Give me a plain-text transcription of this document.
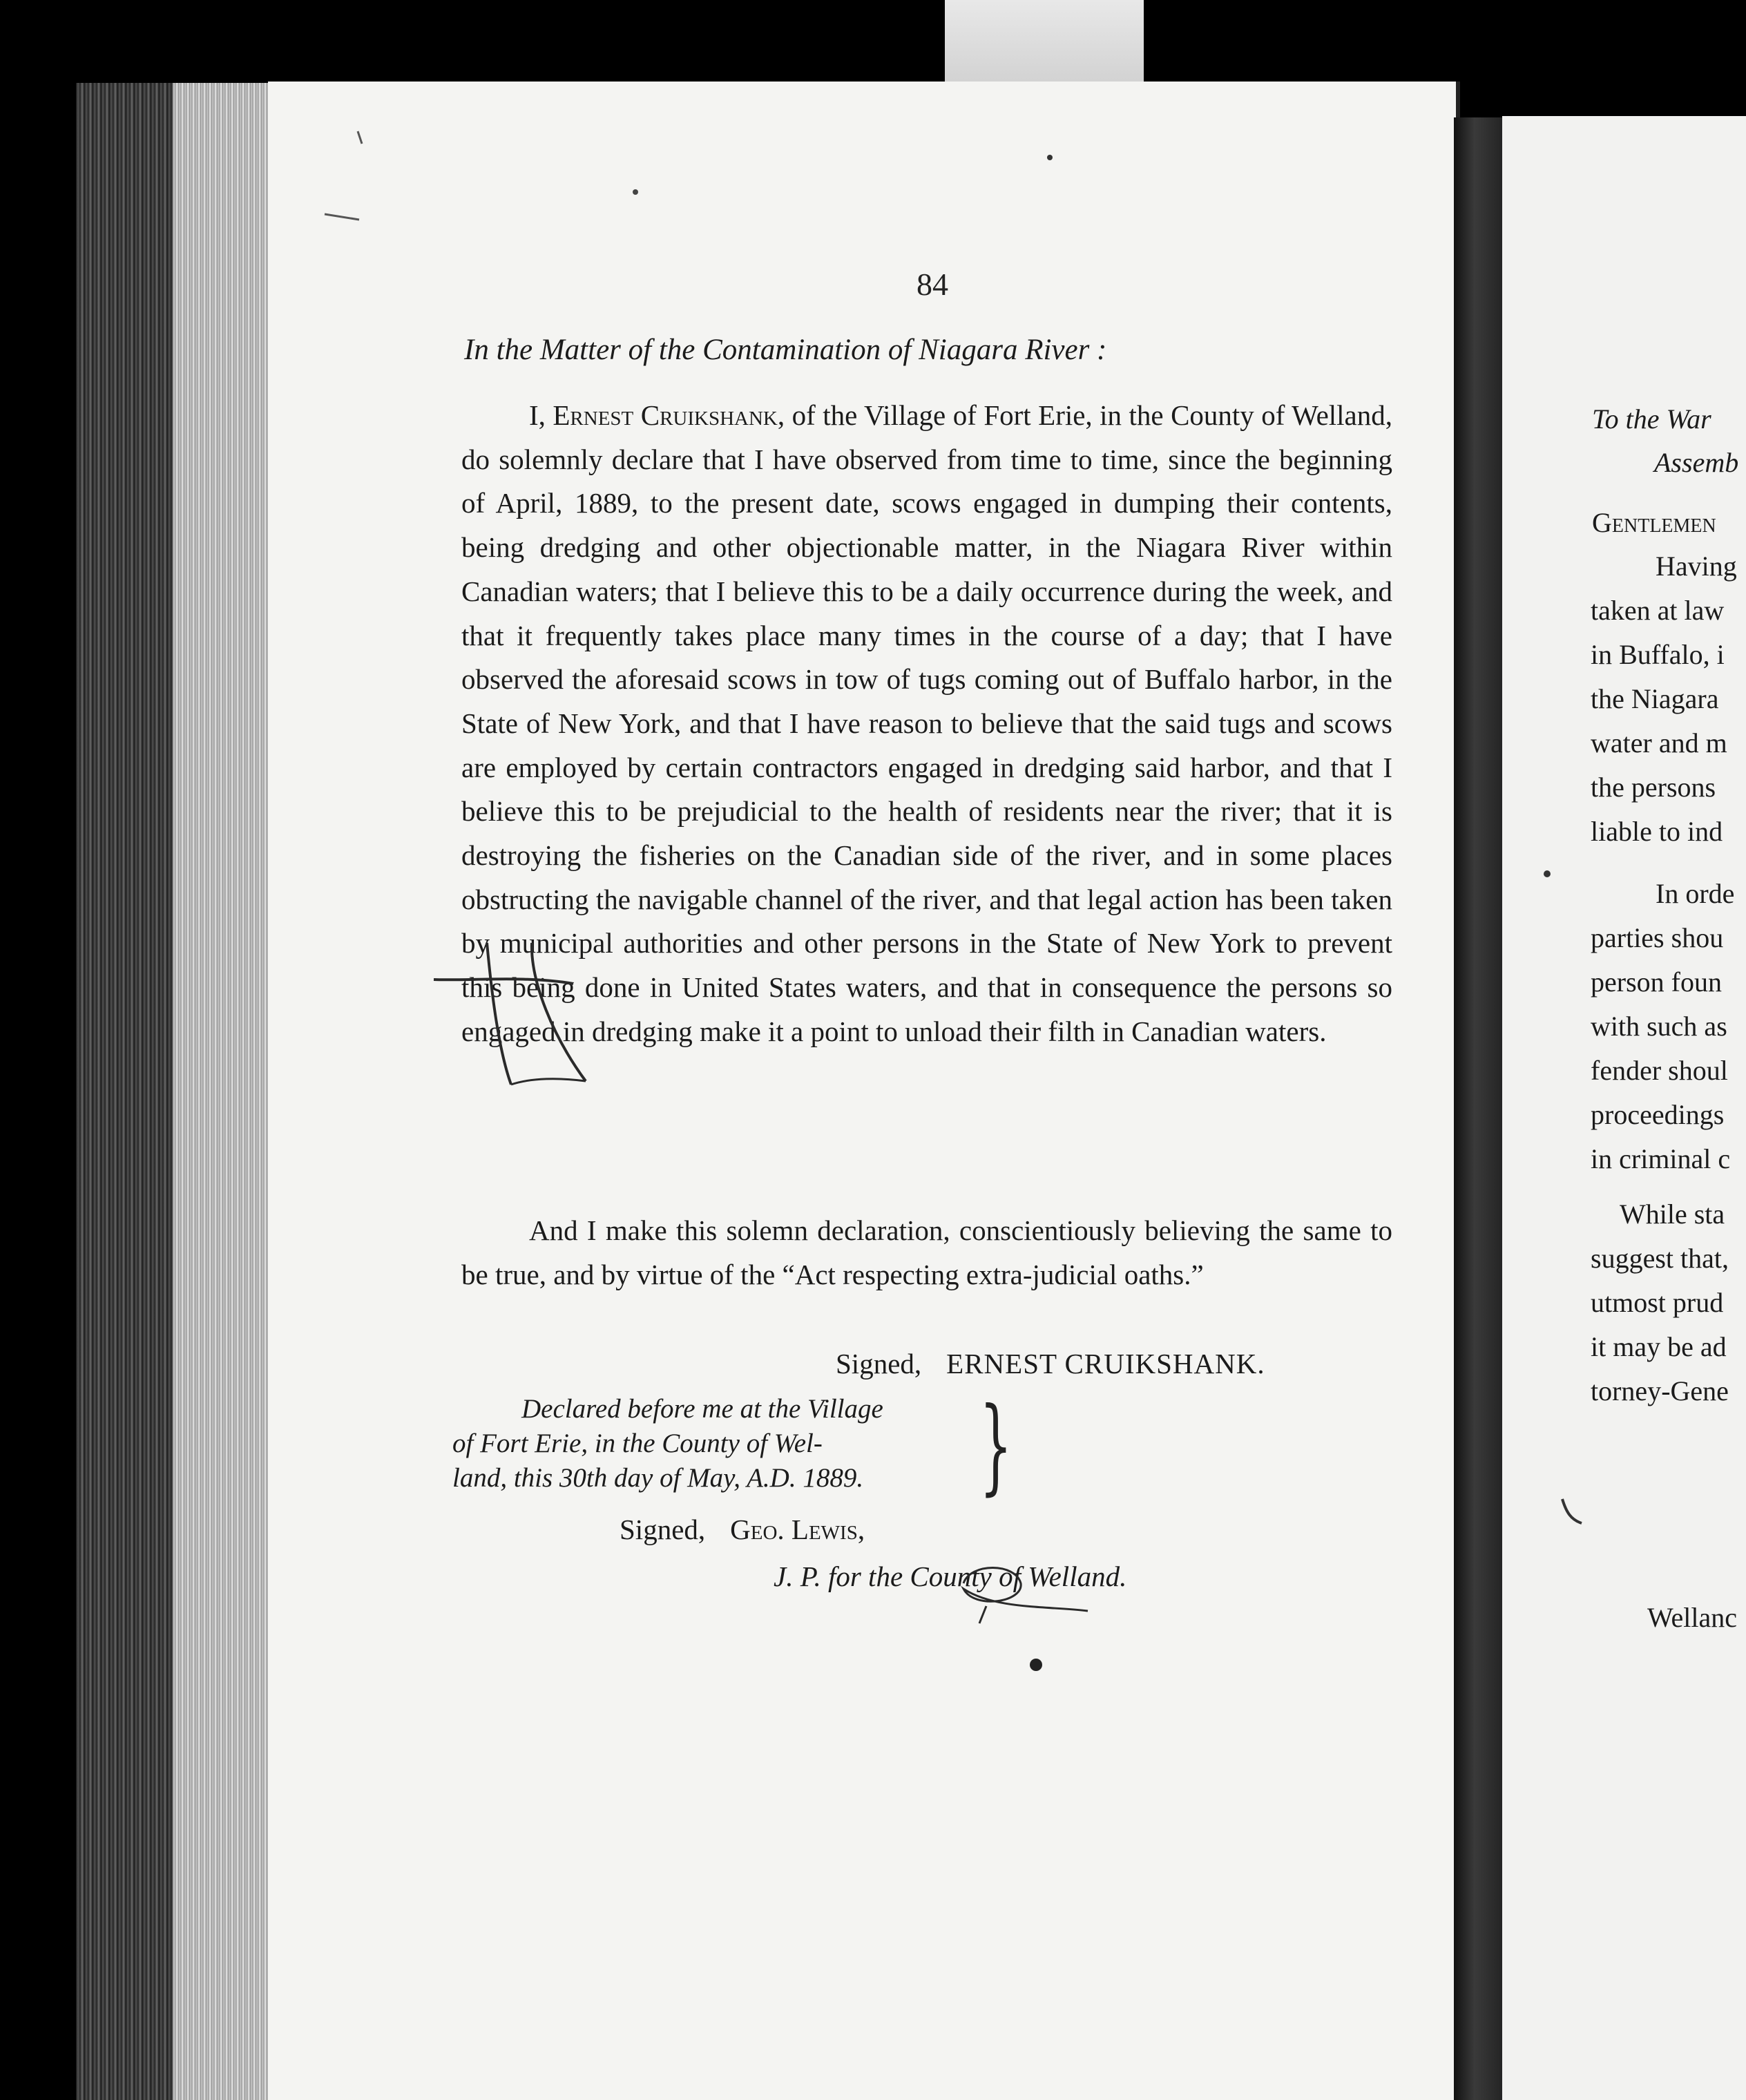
84
In the Matter of the Contamination of Niagara River :

I, Ernest Cruikshank, of the Village of Fort Erie, in the County of Welland, do solemnly declare that I have observed from time to time, since the beginning of April, 1889, to the present date, scows engaged in dumping their contents, being dredging and other objectionable matter, in the Niagara River within Canadian waters; that I believe this to be a daily occurrence during the week, and that it frequently takes place many times in the course of a day; that I have observed the aforesaid scows in tow of tugs coming out of Buffalo harbor, in the State of New York, and that I have reason to believe that the said tugs and scows are employed by certain contractors engaged in dredging said harbor, and that I believe this to be prejudicial to the health of residents near the river; that it is destroying the fisheries on the Canadian side of the river, and in some places obstructing the navigable channel of the river, and that legal action has been taken by municipal authorities and other persons in the State of New York to prevent this being done in United States waters, and that in consequence the persons so engaged in dredging make it a point to unload their filth in Canadian waters.

And I make this solemn declaration, conscientiously believing the same to be true, and by virtue of the “Act respecting extra-judicial oaths.”

Signed, ERNEST CRUIKSHANK.
Declared before me at the Village
of Fort Erie, in the County of Wel-
land, this 30th day of May, A.D. 1889.	}
Signed, Geo. Lewis,
J. P. for the County of Welland.
To the War
Assemb
Gentlemen
Having
taken at law
in Buffalo, i
the Niagara
water and m
the persons
liable to ind
In orde
parties shou
person foun
with such as
fender shoul
proceedings
in criminal c
While sta
suggest that,
utmost prud
it may be ad
torney-Gene
Wellanc
